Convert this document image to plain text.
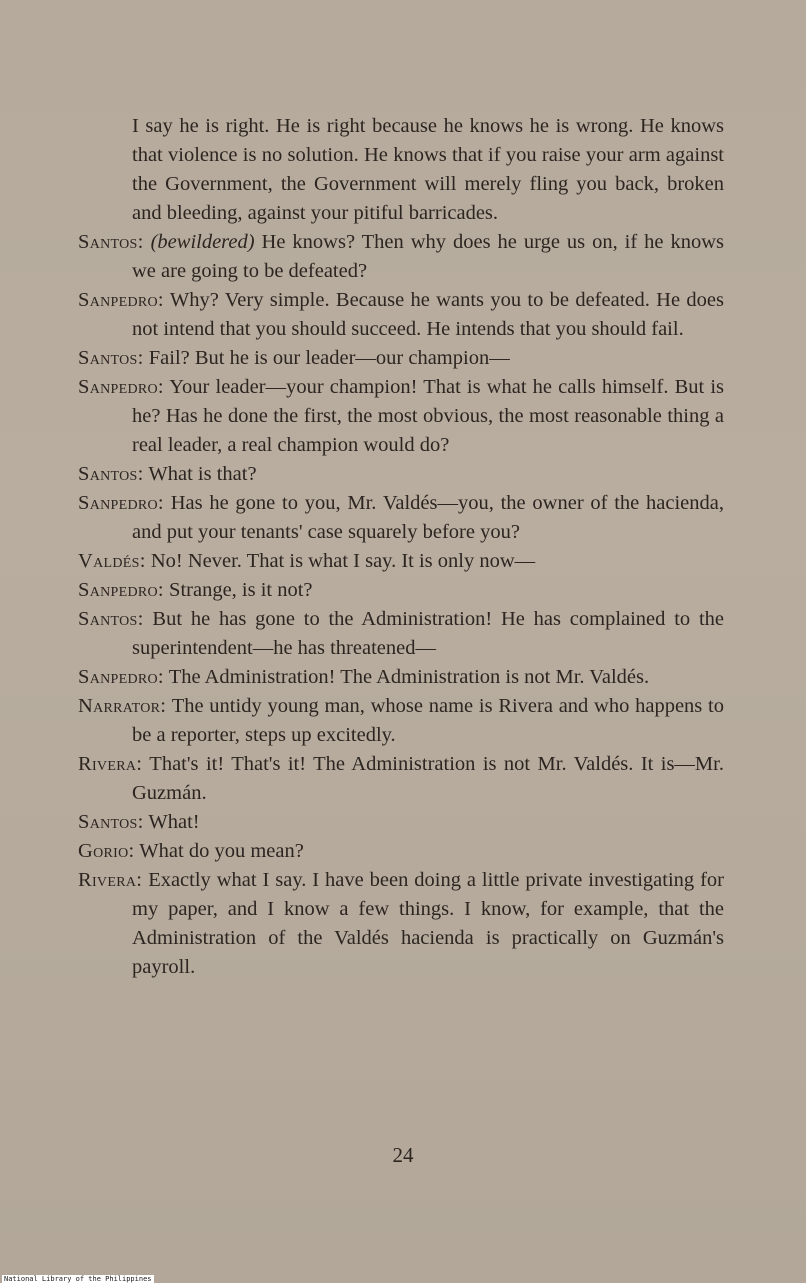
I say he is right. He is right because he knows he is wrong. He knows that violence is no solution. He knows that if you raise your arm against the Government, the Government will merely fling you back, broken and bleeding, against your pitiful barricades.

Santos: (bewildered) He knows? Then why does he urge us on, if he knows we are going to be defeated?

Sanpedro: Why? Very simple. Because he wants you to be defeated. He does not intend that you should succeed. He intends that you should fail.

Santos: Fail? But he is our leader—our champion—

Sanpedro: Your leader—your champion! That is what he calls himself. But is he? Has he done the first, the most obvious, the most reasonable thing a real leader, a real champion would do?

Santos: What is that?

Sanpedro: Has he gone to you, Mr. Valdés—you, the owner of the hacienda, and put your tenants' case squarely before you?

Valdés: No! Never. That is what I say. It is only now—

Sanpedro: Strange, is it not?

Santos: But he has gone to the Administration! He has complained to the superintendent—he has threatened—

Sanpedro: The Administration! The Administration is not Mr. Valdés.

Narrator: The untidy young man, whose name is Rivera and who happens to be a reporter, steps up excitedly.

Rivera: That's it! That's it! The Administration is not Mr. Valdés. It is—Mr. Guzmán.

Santos: What!

Gorio: What do you mean?

Rivera: Exactly what I say. I have been doing a little private investigating for my paper, and I know a few things. I know, for example, that the Administration of the Valdés hacienda is practically on Guzmán's payroll.

24
National Library of the Philippines
